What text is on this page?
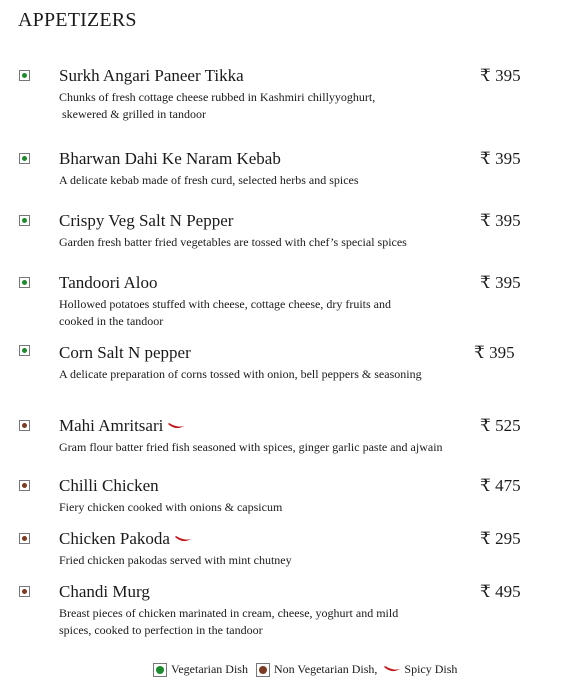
APPETIZERS
Surkh Angari Paneer Tikka
Chunks of fresh cottage cheese rubbed in Kashmiri chillyyoghurt,
skewered & grilled in tandoor
₹ 395
Bharwan Dahi Ke Naram Kebab
A delicate kebab made of fresh curd, selected herbs and spices
₹ 395
Crispy Veg Salt N Pepper
Garden fresh batter fried vegetables are tossed with chef’s special spices
₹ 395
Tandoori Aloo
Hollowed potatoes stuffed with cheese, cottage cheese, dry fruits and
cooked in the tandoor
₹ 395
Corn Salt N pepper
A delicate preparation of corns tossed with onion, bell peppers & seasoning
₹ 395
Mahi Amritsari
Gram flour batter fried fish seasoned with spices, ginger garlic paste and ajwain
₹ 525
Chilli Chicken
Fiery chicken cooked with onions & capsicum
₹ 475
Chicken Pakoda
Fried chicken pakodas served with mint chutney
₹ 295
Chandi Murg
Breast pieces of chicken marinated in cream, cheese, yoghurt and mild
spices, cooked to perfection in the tandoor
₹ 495
Vegetarian Dish Non Vegetarian Dish, Spicy Dish
